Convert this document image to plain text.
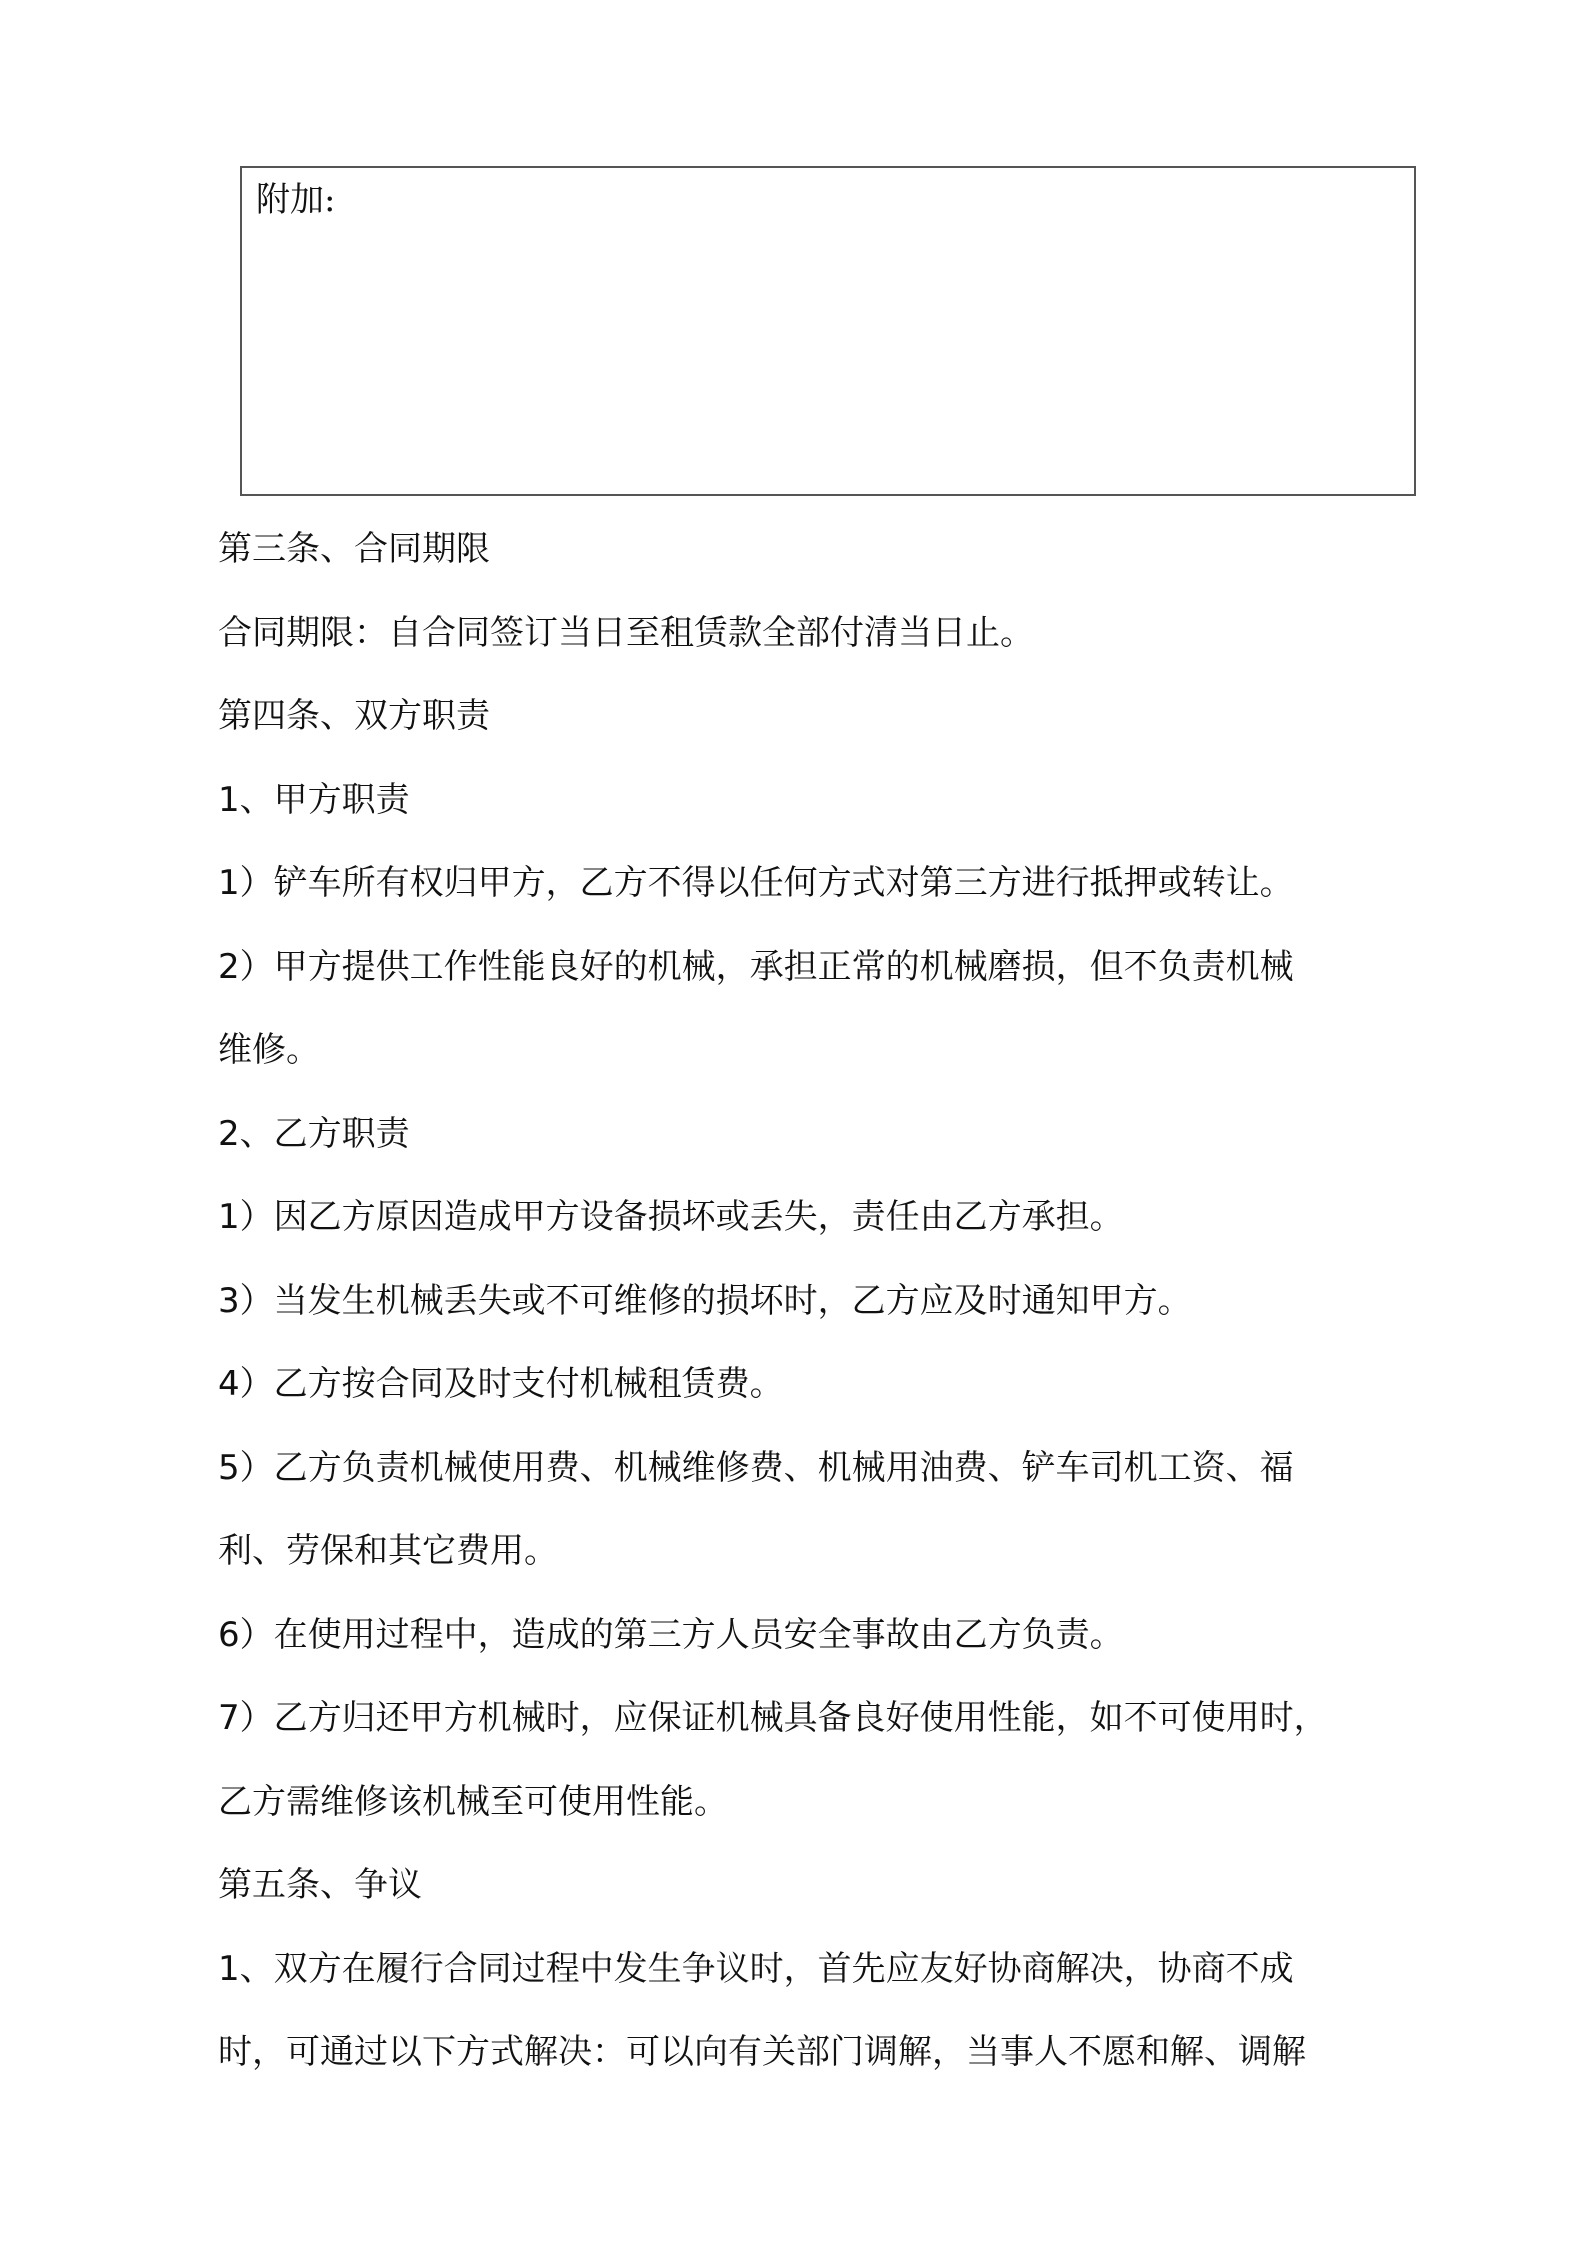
附加:

第三条、合同期限

合同期限：自合同签订当日至租赁款全部付清当日止。

第四条、双方职责

1、甲方职责

1）铲车所有权归甲方，乙方不得以任何方式对第三方进行抵押或转让。

2）甲方提供工作性能良好的机械，承担正常的机械磨损，但不负责机械

维修。

2、乙方职责

1）因乙方原因造成甲方设备损坏或丢失，责任由乙方承担。

3）当发生机械丢失或不可维修的损坏时，乙方应及时通知甲方。

4）乙方按合同及时支付机械租赁费。

5）乙方负责机械使用费、机械维修费、机械用油费、铲车司机工资、福

利、劳保和其它费用。

6）在使用过程中，造成的第三方人员安全事故由乙方负责。

7）乙方归还甲方机械时，应保证机械具备良好使用性能，如不可使用时，

乙方需维修该机械至可使用性能。

第五条、争议

1、双方在履行合同过程中发生争议时，首先应友好协商解决，协商不成

时，可通过以下方式解决：可以向有关部门调解，当事人不愿和解、调解
